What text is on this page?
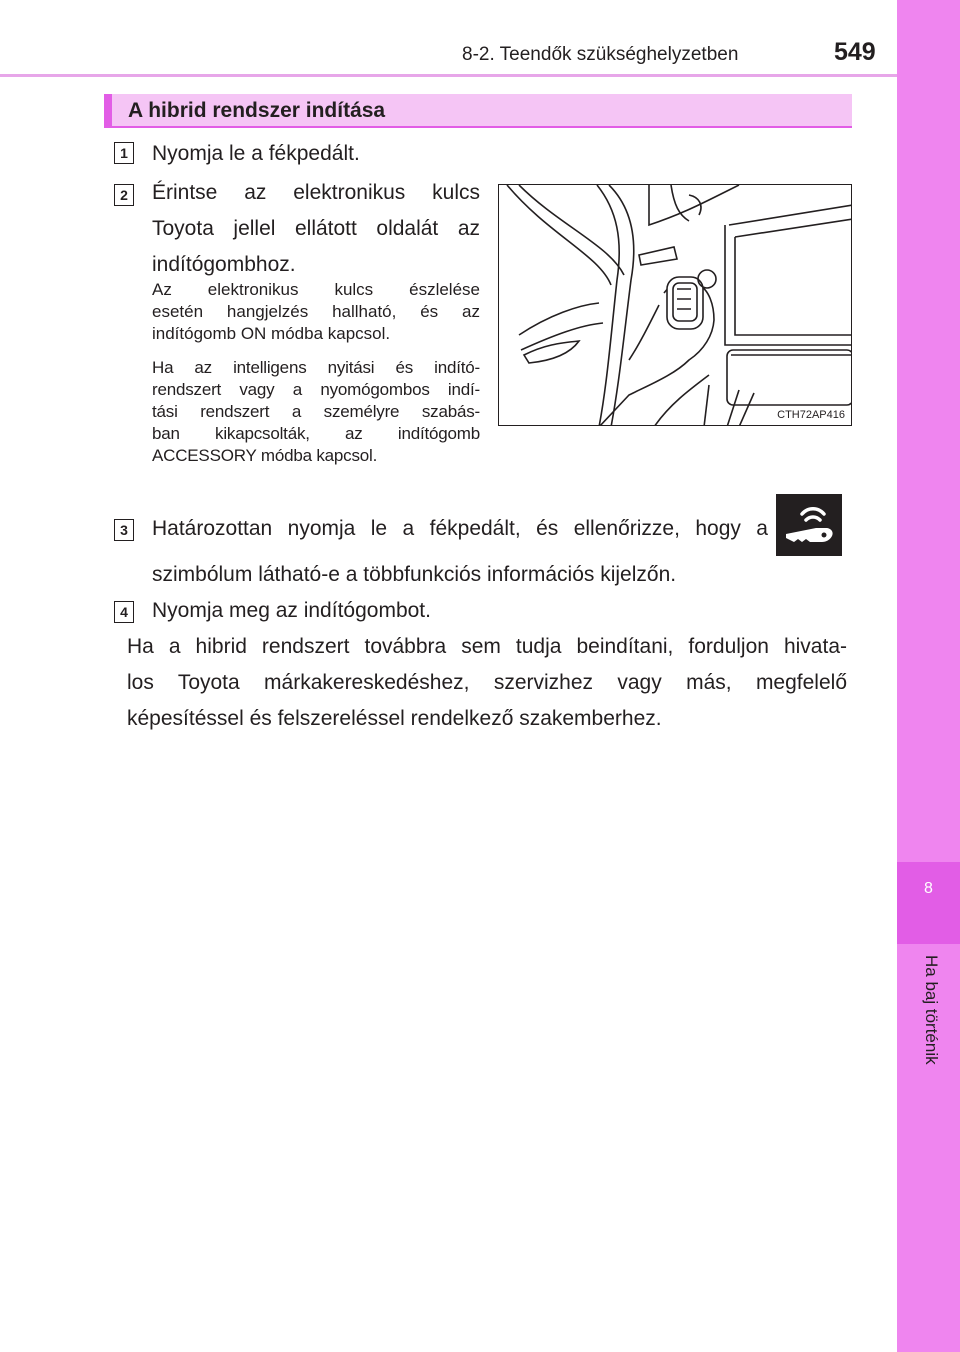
8
Ha baj történik
8-2. Teendők szükséghelyzetben	549
A hibrid rendszer indítása
1 Nyomja le a fékpedált.
2 Érintse az elektronikus kulcs
Toyota jellel ellátott oldalát az
indítógombhoz.
Az elektronikus kulcs észlelése
esetén hangjelzés hallható, és az
indítógomb ON módba kapcsol.
Ha az intelligens nyitási és indító-
rendszert vagy a nyomógombos indí-
tási rendszert a személyre szabás-
ban kikapcsolták, az indítógomb
ACCESSORY módba kapcsol.
CTH72AP416
3 Határozottan nyomja le a fékpedált, és ellenőrizze, hogy a
szimbólum látható-e a többfunkciós információs kijelzőn.
4 Nyomja meg az indítógombot.
Ha a hibrid rendszert továbbra sem tudja beindítani, forduljon hivata-
los Toyota márkakereskedéshez, szervizhez vagy más, megfelelő
képesítéssel és felszereléssel rendelkező szakemberhez.
